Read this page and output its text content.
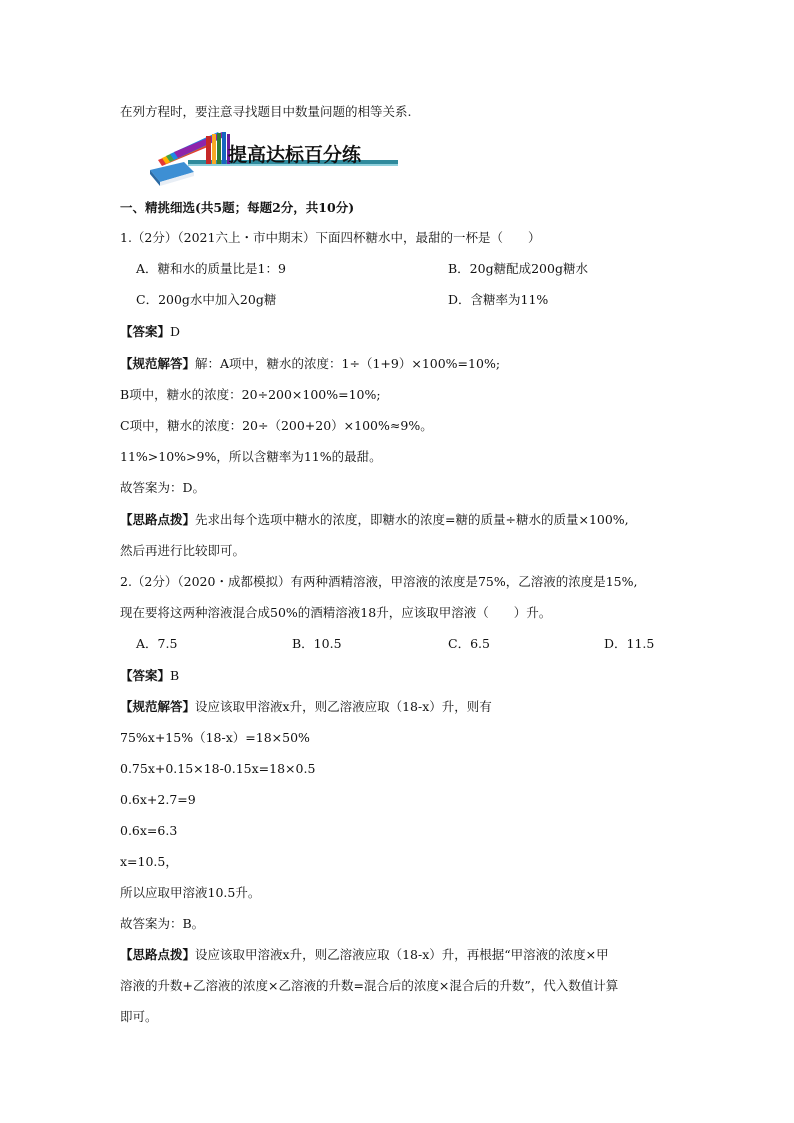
在列方程时，要注意寻找题目中数量问题的相等关系.
提高达标百分练
一、精挑细选(共5题；每题2分，共10分)
1.（2分）（2021六上・市中期末）下面四杯糖水中，最甜的一杯是（　　）
A．糖和水的质量比是1：9	B．20g糖配成200g糖水
C．200g水中加入20g糖	D．含糖率为11%
【答案】D
【规范解答】解：A项中，糖水的浓度：1÷（1+9）×100%=10%;
B项中，糖水的浓度：20÷200×100%=10%;
C项中，糖水的浓度：20÷（200+20）×100%≈9%。
11%>10%>9%，所以含糖率为11%的最甜。
故答案为：D。
【思路点拨】先求出每个选项中糖水的浓度，即糖水的浓度=糖的质量÷糖水的质量×100%,
然后再进行比较即可。
2.（2分）（2020・成都模拟）有两种酒精溶液，甲溶液的浓度是75%，乙溶液的浓度是15%,
现在要将这两种溶液混合成50%的酒精溶液18升，应该取甲溶液（　　）升。
A．7.5	B．10.5	C．6.5	D．11.5
【答案】B
【规范解答】设应该取甲溶液x升，则乙溶液应取（18-x）升，则有
75%x+15%（18-x）=18×50%
0.75x+0.15×18-0.15x=18×0.5
0.6x+2.7=9
0.6x=6.3
x=10.5，
所以应取甲溶液10.5升。
故答案为：B。
【思路点拨】设应该取甲溶液x升，则乙溶液应取（18-x）升，再根据“甲溶液的浓度×甲
溶液的升数+乙溶液的浓度×乙溶液的升数=混合后的浓度×混合后的升数”，代入数值计算
即可。
